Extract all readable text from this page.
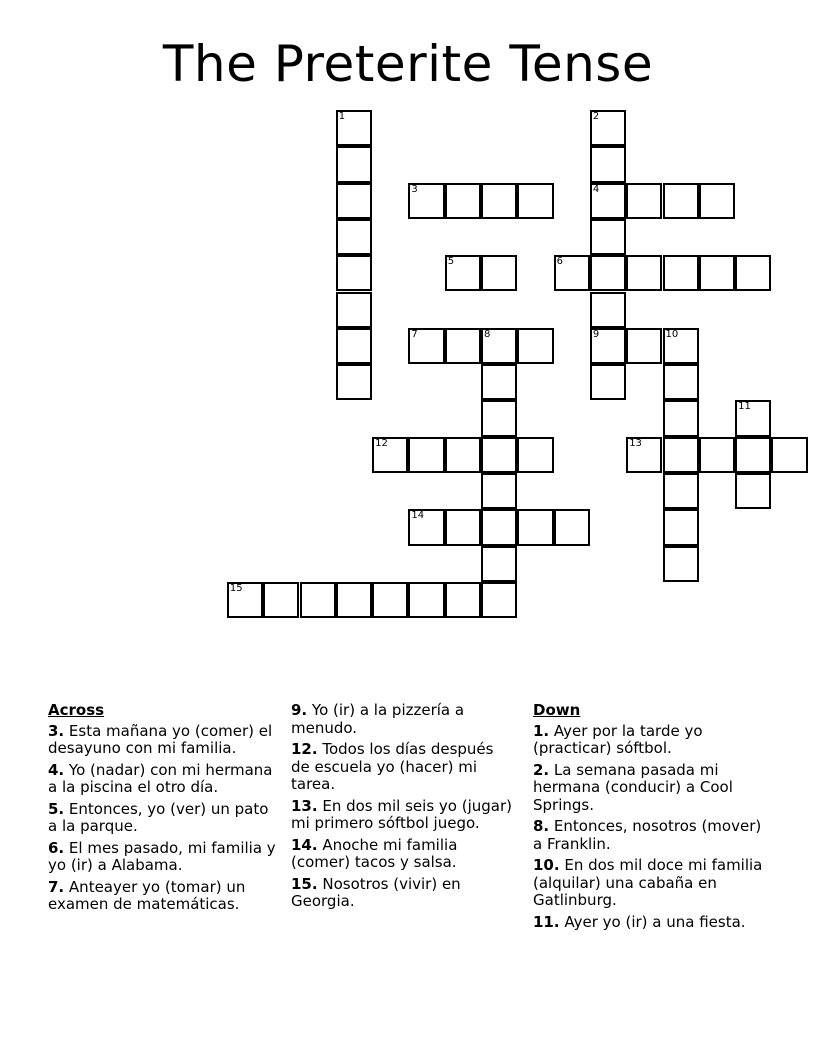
The Preterite Tense
1	2
4
3
5	6
7	8	9	10
11
12	13
14
15
Across
3. Esta mañana yo (comer) el desayuno con mi familia.
4. Yo (nadar) con mi hermana a la piscina el otro día.
5. Entonces, yo (ver) un pato a la parque.
6. El mes pasado, mi familia y yo (ir) a Alabama.
7. Anteayer yo (tomar) un examen de matemáticas.
9. Yo (ir) a la pizzería a menudo.
12. Todos los días después de escuela yo (hacer) mi tarea.
13. En dos mil seis yo (jugar) mi primero sóftbol juego.
14. Anoche mi familia (comer) tacos y salsa.
15. Nosotros (vivir) en Georgia.
Down
1. Ayer por la tarde yo (practicar) sóftbol.
2. La semana pasada mi hermana (conducir) a Cool Springs.
8. Entonces, nosotros (mover) a Franklin.
10. En dos mil doce mi familia (alquilar) una cabaña en Gatlinburg.
11. Ayer yo (ir) a una fiesta.
